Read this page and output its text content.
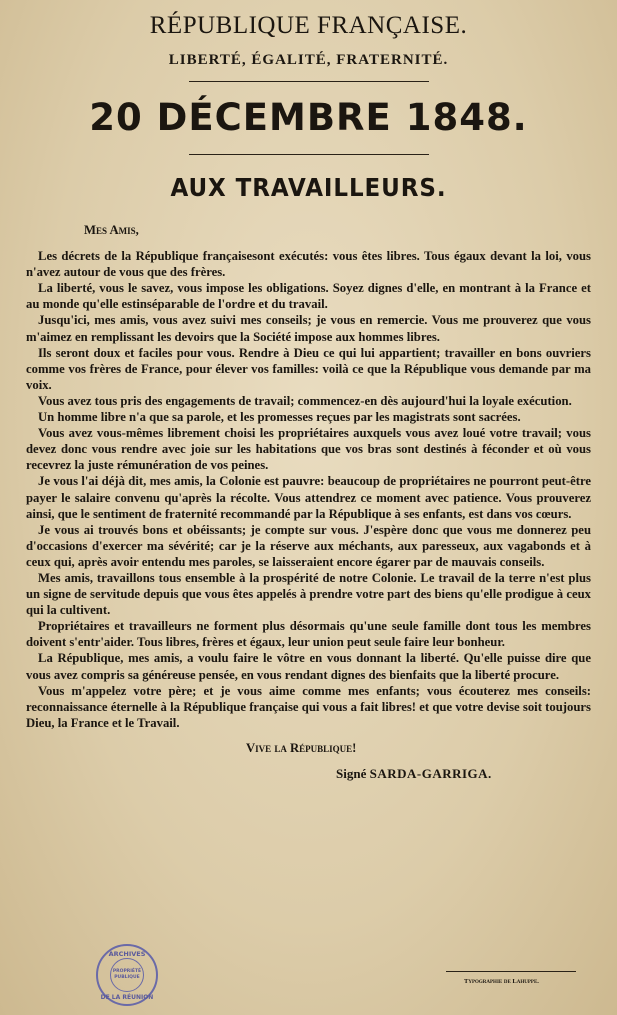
RÉPUBLIQUE FRANÇAISE.
LIBERTÉ, ÉGALITÉ, FRATERNITÉ.
20 DÉCEMBRE 1848.
AUX TRAVAILLEURS.
Mes Amis,

Les décrets de la République françaisesont exécutés: vous êtes libres. Tous égaux devant la loi, vous n'avez autour de vous que des frères.

La liberté, vous le savez, vous impose les obligations. Soyez dignes d'elle, en montrant à la France et au monde qu'elle estinséparable de l'ordre et du travail.

Jusqu'ici, mes amis, vous avez suivi mes conseils; je vous en remercie. Vous me prouverez que vous m'aimez en remplissant les devoirs que la Société impose aux hommes libres.

Ils seront doux et faciles pour vous. Rendre à Dieu ce qui lui appartient; travailler en bons ouvriers comme vos frères de France, pour élever vos familles: voilà ce que la République vous demande par ma voix.

Vous avez tous pris des engagements de travail; commencez-en dès aujourd'hui la loyale exécution.

Un homme libre n'a que sa parole, et les promesses reçues par les magistrats sont sacrées.

Vous avez vous-mêmes librement choisi les propriétaires auxquels vous avez loué votre travail; vous devez donc vous rendre avec joie sur les habitations que vos bras sont destinés à féconder et où vous recevrez la juste rémunération de vos peines.

Je vous l'ai déjà dit, mes amis, la Colonie est pauvre: beaucoup de propriétaires ne pourront peut-être payer le salaire convenu qu'après la récolte. Vous attendrez ce moment avec patience. Vous prouverez ainsi, que le sentiment de fraternité recommandé par la République à ses enfants, est dans vos cœurs.

Je vous ai trouvés bons et obéissants; je compte sur vous. J'espère donc que vous me donnerez peu d'occasions d'exercer ma sévérité; car je la réserve aux méchants, aux paresseux, aux vagabonds et à ceux qui, après avoir entendu mes paroles, se laisseraient encore égarer par de mauvais conseils.

Mes amis, travaillons tous ensemble à la prospérité de notre Colonie. Le travail de la terre n'est plus un signe de servitude depuis que vous êtes appelés à prendre votre part des biens qu'elle prodigue à ceux qui la cultivent.

Propriétaires et travailleurs ne forment plus désormais qu'une seule famille dont tous les membres doivent s'entr'aider. Tous libres, frères et égaux, leur union peut seule faire leur bonheur.

La République, mes amis, a voulu faire le vôtre en vous donnant la liberté. Qu'elle puisse dire que vous avez compris sa généreuse pensée, en vous rendant dignes des bienfaits que la liberté procure.

Vous m'appelez votre père; et je vous aime comme mes enfants; vous écouterez mes conseils: reconnaissance éternelle à la République française qui vous a fait libres! et que votre devise soit toujours Dieu, la France et le Travail.

Vive la République!
Signé SARDA-GARRIGA.
ARCHIVES
PROPRIÉTÉ
PUBLIQUE
DE LA RÉUNION
Typographie de Lahuppe.
